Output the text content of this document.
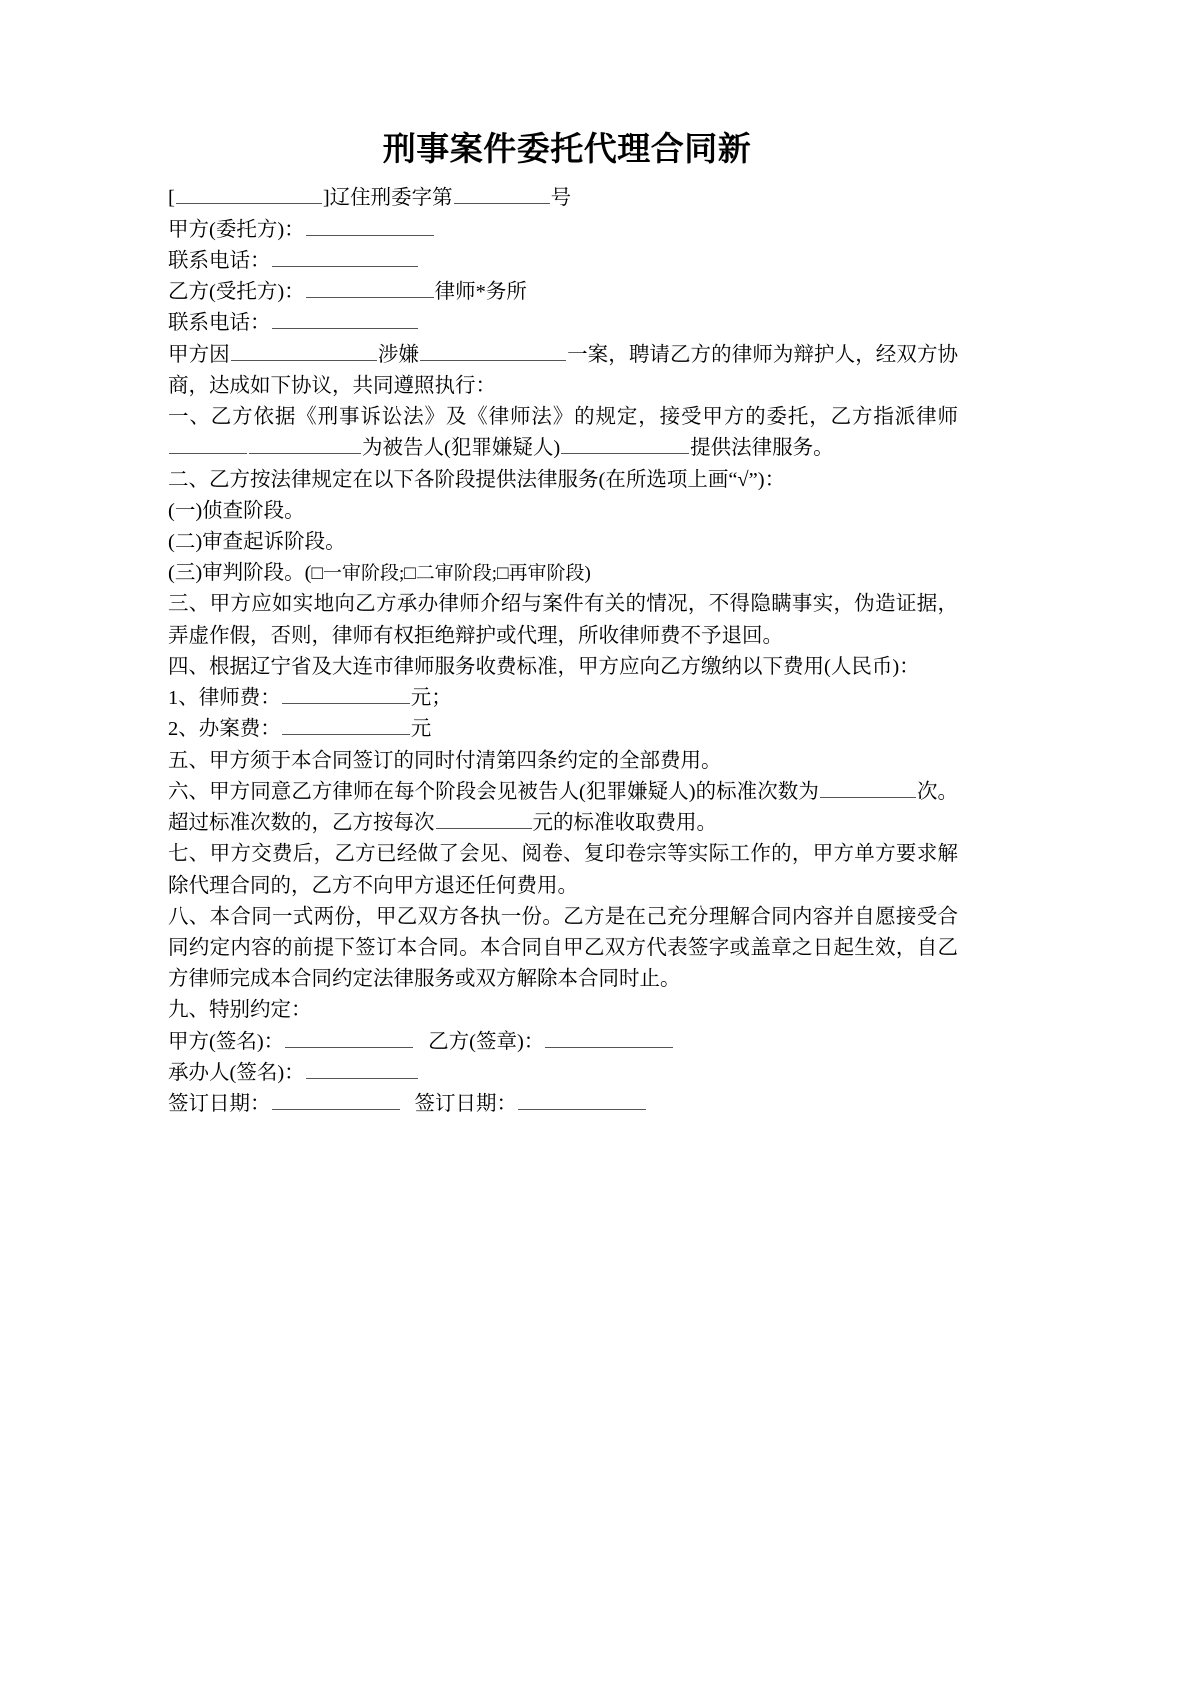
刑事案件委托代理合同新

[	]辽住刑委字第	号

甲方(委托方)：

联系电话：

乙方(受托方)：	律师*务所

联系电话：

甲方因	涉嫌	一案，聘请乙方的律师为辩护人，经双方协商，达成如下协议，共同遵照执行：

一、乙方依据《刑事诉讼法》及《律师法》的规定，接受甲方的委托，乙方指派律师为被告人(犯罪嫌疑人)	提供法律服务。

二、乙方按法律规定在以下各阶段提供法律服务(在所选项上画“√”)：

(一)侦查阶段。

(二)审查起诉阶段。

(三)审判阶段。(□一审阶段;□二审阶段;□再审阶段)

三、甲方应如实地向乙方承办律师介绍与案件有关的情况，不得隐瞒事实，伪造证据，弄虚作假，否则，律师有权拒绝辩护或代理，所收律师费不予退回。

四、根据辽宁省及大连市律师服务收费标准，甲方应向乙方缴纳以下费用(人民币)：

1、律师费：	元；

2、办案费：	元

五、甲方须于本合同签订的同时付清第四条约定的全部费用。

六、甲方同意乙方律师在每个阶段会见被告人(犯罪嫌疑人)的标准次数为	次。超过标准次数的，乙方按每次	元的标准收取费用。

七、甲方交费后，乙方已经做了会见、阅卷、复印卷宗等实际工作的，甲方单方要求解除代理合同的，乙方不向甲方退还任何费用。

八、本合同一式两份，甲乙双方各执一份。乙方是在己充分理解合同内容并自愿接受合同约定内容的前提下签订本合同。本合同自甲乙双方代表签字或盖章之日起生效，自乙方律师完成本合同约定法律服务或双方解除本合同时止。

九、特别约定：

甲方(签名)：	乙方(签章)：

承办人(签名)：

签订日期：	签订日期：
